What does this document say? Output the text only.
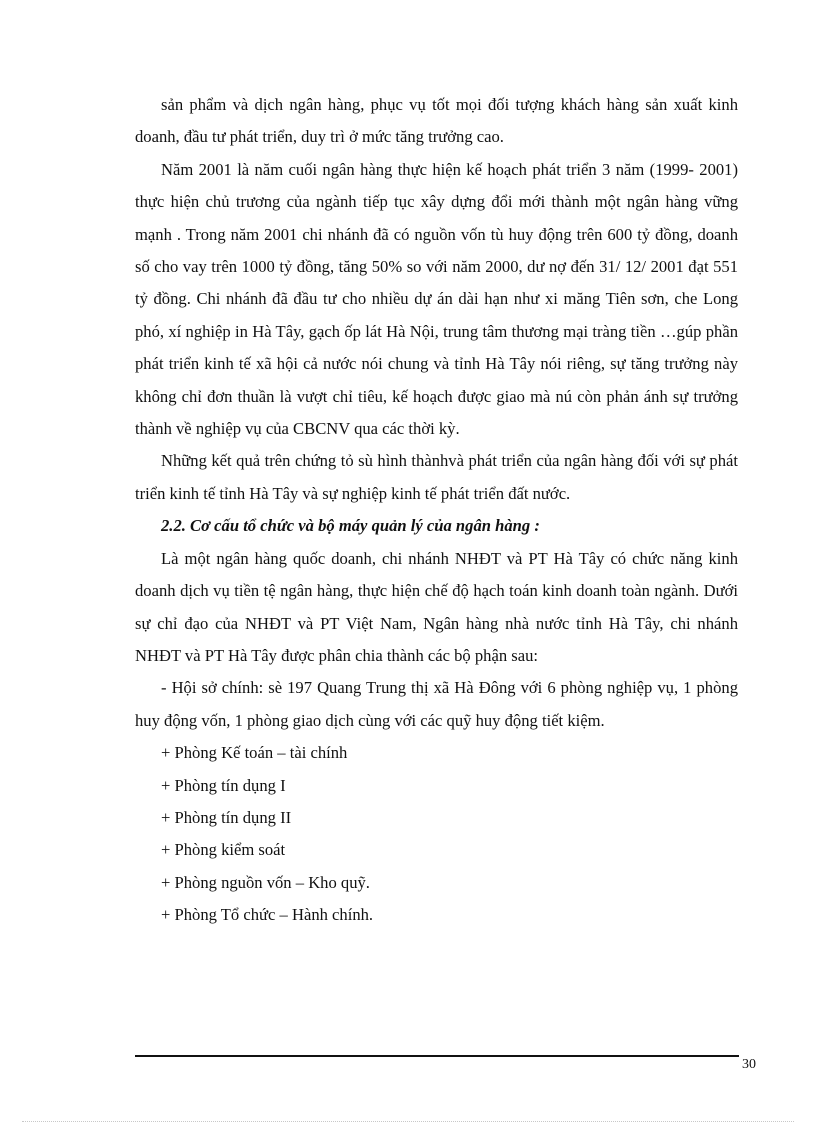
sản phẩm và dịch ngân hàng, phục vụ tốt mọi đối tượng khách hàng sản xuất kinh doanh, đầu tư phát triển, duy trì ở mức tăng trưởng cao.

Năm 2001 là năm cuối ngân hàng thực hiện kế hoạch phát triển 3 năm (1999- 2001) thực hiện chủ trương của ngành tiếp tục xây dựng đổi mới thành một ngân hàng vững mạnh . Trong năm 2001 chi nhánh đã có nguồn vốn tù huy động trên 600 tỷ đồng, doanh số cho vay trên 1000 tỷ đồng, tăng 50% so với năm 2000, dư nợ đến 31/ 12/ 2001 đạt 551 tỷ đồng. Chi nhánh đã đầu tư cho nhiều dự án dài hạn như xi măng Tiên sơn, che Long phó, xí nghiệp in Hà Tây, gạch ốp lát Hà Nội, trung tâm thương mại tràng tiền …gúp phần phát triển kinh tế xã hội cả nước nói chung và tỉnh Hà Tây nói riêng, sự tăng trưởng này không chỉ đơn thuần là vượt chỉ tiêu, kế hoạch được giao mà nú còn phản ánh sự trưởng thành về nghiệp vụ của CBCNV qua các thời kỳ.

Những kết quả trên chứng tỏ sù hình thànhvà phát triển của ngân hàng đối với sự phát triển kinh tế tỉnh Hà Tây và sự nghiệp kinh tế phát triển đất nước.

2.2. Cơ cấu tổ chức và bộ máy quản lý của ngân hàng :

Là một ngân hàng quốc doanh, chi nhánh NHĐT và PT Hà Tây có chức năng kinh doanh dịch vụ tiền tệ ngân hàng, thực hiện chế độ hạch toán kinh doanh toàn ngành. Dưới sự chỉ đạo của NHĐT và PT Việt Nam, Ngân hàng nhà nước tỉnh Hà Tây, chi nhánh NHĐT và PT Hà Tây được phân chia thành các bộ phận sau:

- Hội sở chính: sè 197 Quang Trung thị xã Hà Đông với 6 phòng nghiệp vụ, 1 phòng huy động vốn, 1 phòng giao dịch cùng với các quỹ huy động tiết kiệm.

+ Phòng Kế toán – tài chính

+ Phòng tín dụng I

+ Phòng tín dụng II

+ Phòng kiểm soát

+ Phòng nguồn vốn – Kho quỹ.

+ Phòng Tổ chức – Hành chính.

30
